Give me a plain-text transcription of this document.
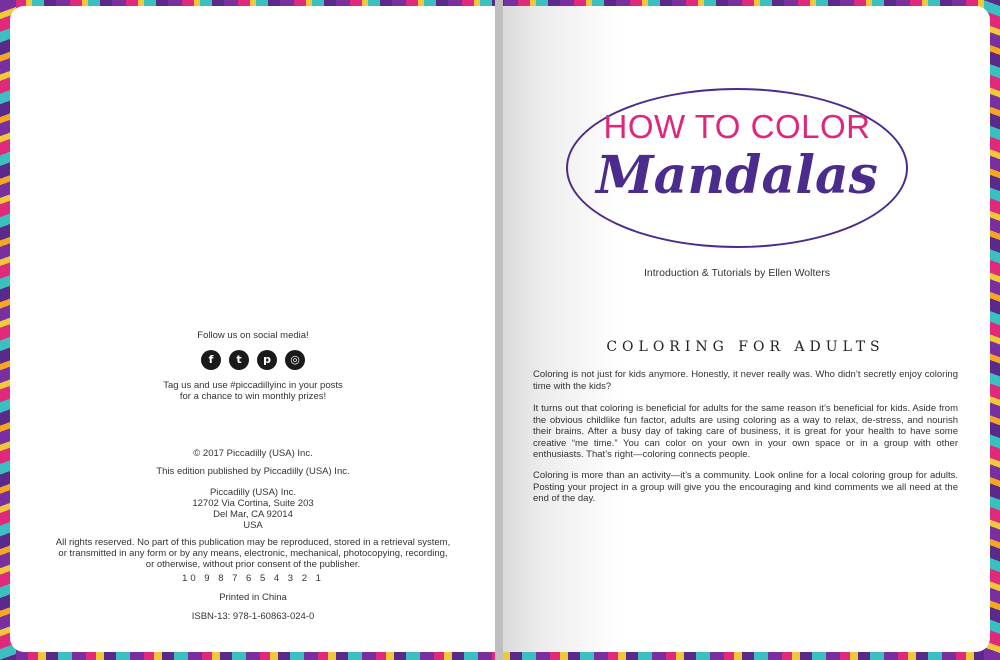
Follow us on social media!
f	t	p	◎
Tag us and use #piccadillyinc in your posts
for a chance to win monthly prizes!
© 2017 Piccadilly (USA) Inc.
This edition published by Piccadilly (USA) Inc.
Piccadilly (USA) Inc.
12702 Via Cortina, Suite 203
Del Mar, CA 92014
USA
All rights reserved. No part of this publication may be reproduced, stored in a retrieval system,
or transmitted in any form or by any means, electronic, mechanical, photocopying, recording,
or otherwise, without prior consent of the publisher.
10 9 8 7 6 5 4 3 2 1
Printed in China
ISBN-13: 978-1-60863-024-0
HOW TO COLOR
Mandalas
Introduction & Tutorials by Ellen Wolters
COLORING FOR ADULTS
Coloring is not just for kids anymore. Honestly, it never really was. Who didn’t secretly enjoy coloring time with the kids?
It turns out that coloring is beneficial for adults for the same reason it’s beneficial for kids. Aside from the obvious childlike fun factor, adults are using coloring as a way to relax, de-stress, and nourish their brains. After a busy day of taking care of business, it is great for your health to have some creative “me time.” You can color on your own in your own space or in a group with other enthusiasts. That’s right—coloring connects people.
Coloring is more than an activity—it’s a community. Look online for a local coloring group for adults. Posting your project in a group will give you the encouraging and kind comments we all need at the end of the day.
